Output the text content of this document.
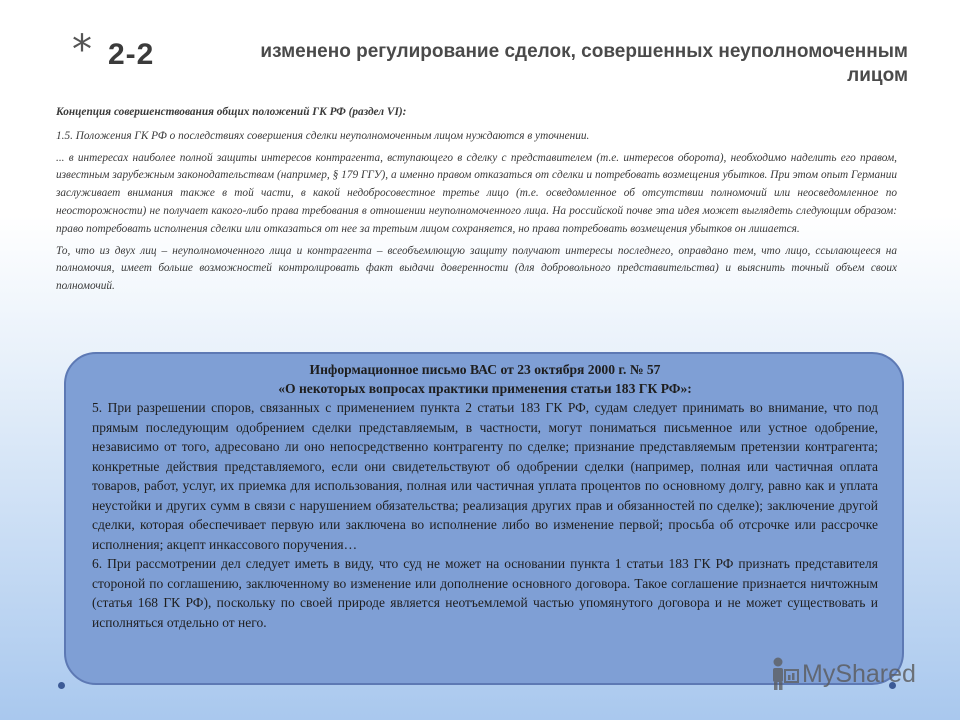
* 2-2	изменено регулирование сделок, совершенных неуполномоченным лицом

Концепция совершенствования общих положений ГК РФ (раздел VI):

1.5. Положения ГК РФ о последствиях совершения сделки неуполномоченным лицом нуждаются в уточнении.

... в интересах наиболее полной защиты интересов контрагента, вступающего в сделку с представителем (т.е. интересов оборота), необходимо наделить его правом, известным зарубежным законодательствам (например, § 179 ГГУ), а именно правом отказаться от сделки и потребовать возмещения убытков. При этом опыт Германии заслуживает внимания также в той части, в какой недобросовестное третье лицо (т.е. осведомленное об отсутствии полномочий или неосведомленное по неосторожности) не получает какого-либо права требования в отношении неуполномоченного лица. На российской почве эта идея может выглядеть следующим образом: право потребовать исполнения сделки или отказаться от нее за третьим лицом сохраняется, но права потребовать возмещения убытков он лишается.

То, что из двух лиц – неуполномоченного лица и контрагента – всеобъемлющую защиту получают интересы последнего, оправдано тем, что лицо, ссылающееся на полномочия, имеет больше возможностей контролировать факт выдачи доверенности (для добровольного представительства) и выяснить точный объем своих полномочий.

Информационное письмо ВАС от 23 октября 2000 г. № 57
«О некоторых вопросах практики применения статьи 183 ГК РФ»:

5. При разрешении споров, связанных с применением пункта 2 статьи 183 ГК РФ, судам следует принимать во внимание, что под прямым последующим одобрением сделки представляемым, в частности, могут пониматься письменное или устное одобрение, независимо от того, адресовано ли оно непосредственно контрагенту по сделке; признание представляемым претензии контрагента; конкретные действия представляемого, если они свидетельствуют об одобрении сделки (например, полная или частичная оплата товаров, работ, услуг, их приемка для использования, полная или частичная уплата процентов по основному долгу, равно как и уплата неустойки и других сумм в связи с нарушением обязательства; реализация других прав и обязанностей по сделке); заключение другой сделки, которая обеспечивает первую или заключена во исполнение либо во изменение первой; просьба об отсрочке или рассрочке исполнения; акцепт инкассового поручения…

6. При рассмотрении дел следует иметь в виду, что суд не может на основании пункта 1 статьи 183 ГК РФ признать представителя стороной по соглашению, заключенному во изменение или дополнение основного договора. Такое соглашение признается ничтожным (статья 168 ГК РФ), поскольку по своей природе является неотъемлемой частью упомянутого договора и не может существовать и исполняться отдельно от него.

MyShared
